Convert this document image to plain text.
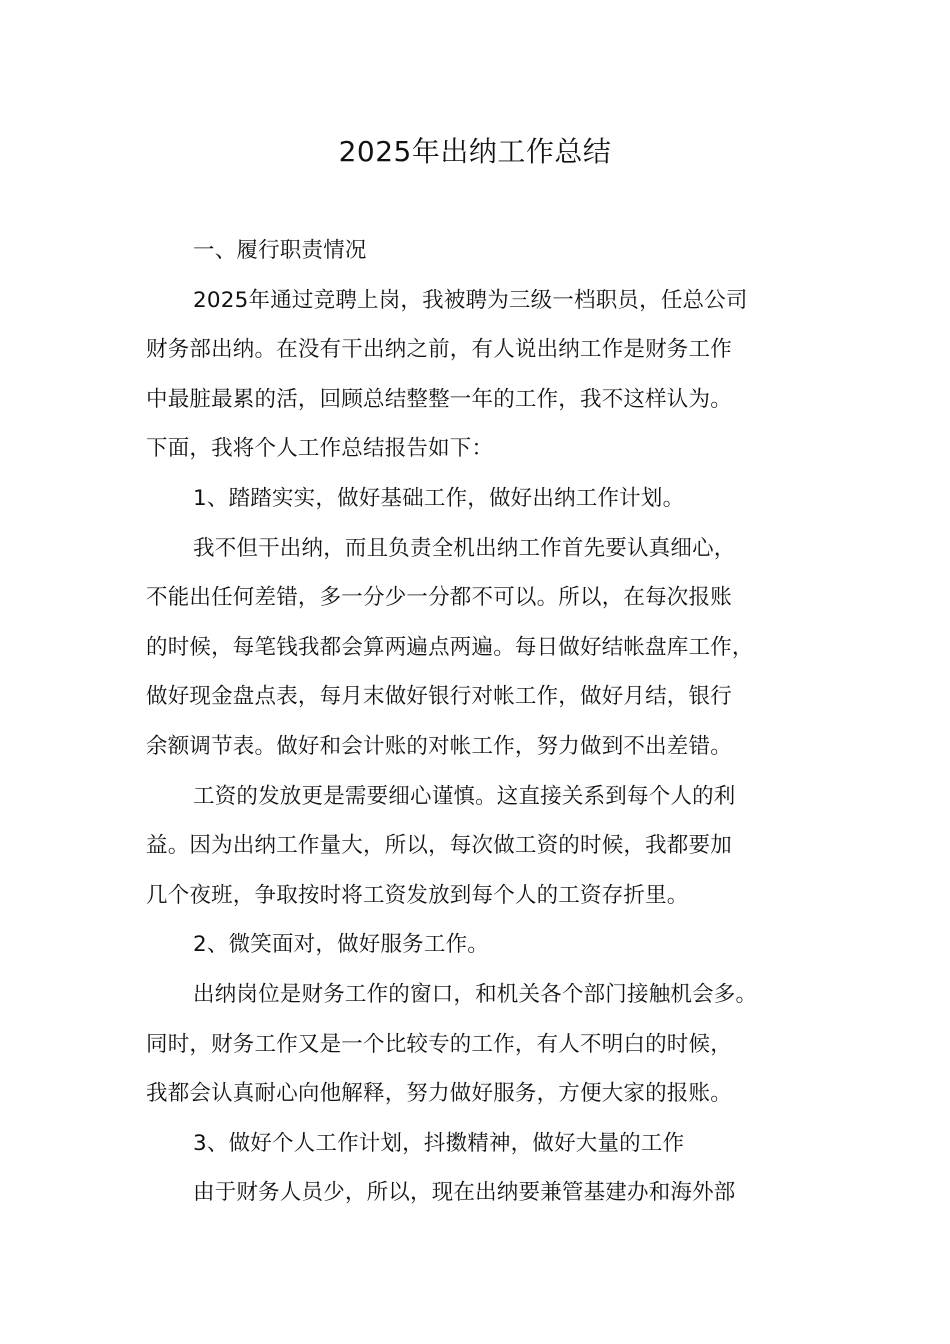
2025年出纳工作总结
一、履行职责情况
2025年通过竞聘上岗，我被聘为三级一档职员，任总公司
财务部出纳。在没有干出纳之前，有人说出纳工作是财务工作
中最脏最累的活，回顾总结整整一年的工作，我不这样认为。
下面，我将个人工作总结报告如下：
1、踏踏实实，做好基础工作，做好出纳工作计划。
我不但干出纳，而且负责全机出纳工作首先要认真细心，
不能出任何差错，多一分少一分都不可以。所以，在每次报账
的时候，每笔钱我都会算两遍点两遍。每日做好结帐盘库工作，
做好现金盘点表，每月末做好银行对帐工作，做好月结，银行
余额调节表。做好和会计账的对帐工作，努力做到不出差错。
工资的发放更是需要细心谨慎。这直接关系到每个人的利
益。因为出纳工作量大，所以，每次做工资的时候，我都要加
几个夜班，争取按时将工资发放到每个人的工资存折里。
2、微笑面对，做好服务工作。
出纳岗位是财务工作的窗口，和机关各个部门接触机会多。
同时，财务工作又是一个比较专的工作，有人不明白的时候，
我都会认真耐心向他解释，努力做好服务，方便大家的报账。
3、做好个人工作计划，抖擞精神，做好大量的工作
由于财务人员少，所以，现在出纳要兼管基建办和海外部
